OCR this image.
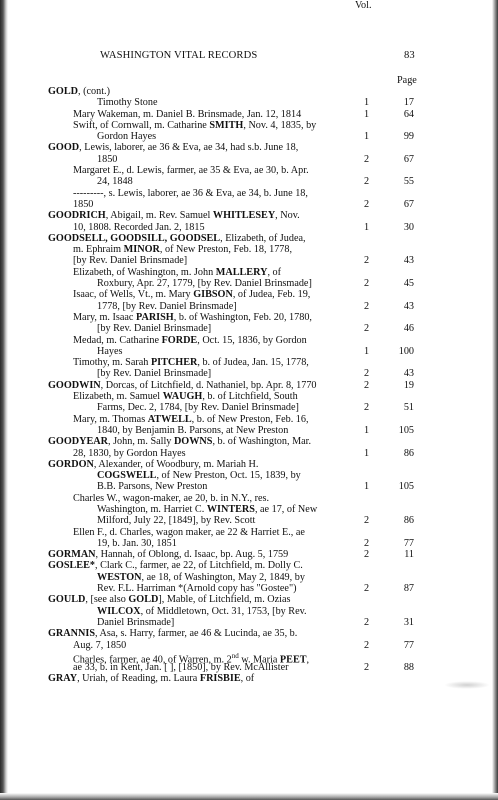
WASHINGTON VITAL RECORDS	83
Vol.
Page
GOLD, (cont.)
Timothy Stone	1	17
Mary Wakeman, m. Daniel B. Brinsmade, Jan. 12, 1814	1	64
Swift, of Cornwall, m. Catharine SMITH, Nov. 4, 1835, by
Gordon Hayes	1	99
GOOD, Lewis, laborer, ae 36 & Eva, ae 34, had s.b. June 18,
1850	2	67
Margaret E., d. Lewis, farmer, ae 35 & Eva, ae 30, b. Apr.
24, 1848	2	55
---------, s. Lewis, laborer, ae 36 & Eva, ae 34, b. June 18,
1850	2	67
GOODRICH, Abigail, m. Rev. Samuel WHITLESEY, Nov.
10, 1808. Recorded Jan. 2, 1815	1	30
GOODSELL, GOODSILL, GOODSEL, Elizabeth, of Judea,
m. Ephraim MINOR, of New Preston, Feb. 18, 1778,
[by Rev. Daniel Brinsmade]	2	43
Elizabeth, of Washington, m. John MALLERY, of
Roxbury, Apr. 27, 1779, [by Rev. Daniel Brinsmade]	2	45
Isaac, of Wells, Vt., m. Mary GIBSON, of Judea, Feb. 19,
1778, [by Rev. Daniel Brinsmade]	2	43
Mary, m. Isaac PARISH, b. of Washington, Feb. 20, 1780,
[by Rev. Daniel Brinsmade]	2	46
Medad, m. Catharine FORDE, Oct. 15, 1836, by Gordon
Hayes	1	100
Timothy, m. Sarah PITCHER, b. of Judea, Jan. 15, 1778,
[by Rev. Daniel Brinsmade]	2	43
GOODWIN, Dorcas, of Litchfield, d. Nathaniel, bp. Apr. 8, 1770	2	19
Elizabeth, m. Samuel WAUGH, b. of Litchfield, South
Farms, Dec. 2, 1784, [by Rev. Daniel Brinsmade]	2	51
Mary, m. Thomas ATWELL, b. of New Preston, Feb. 16,
1840, by Benjamin B. Parsons, at New Preston	1	105
GOODYEAR, John, m. Sally DOWNS, b. of Washington, Mar.
28, 1830, by Gordon Hayes	1	86
GORDON, Alexander, of Woodbury, m. Mariah H.
COGSWELL, of New Preston, Oct. 15, 1839, by
B.B. Parsons, New Preston	1	105
Charles W., wagon-maker, ae 20, b. in N.Y., res.
Washington, m. Harriet C. WINTERS, ae 17, of New
Milford, July 22, [1849], by Rev. Scott	2	86
Ellen F., d. Charles, wagon maker, ae 22 & Harriet E., ae
19, b. Jan. 30, 1851	2	77
GORMAN, Hannah, of Oblong, d. Isaac, bp. Aug. 5, 1759	2	11
GOSLEE*, Clark C., farmer, ae 22, of Litchfield, m. Dolly C.
WESTON, ae 18, of Washington, May 2, 1849, by
Rev. F.L. Harriman *(Arnold copy has "Gostee")	2	87
GOULD, [see also GOLD], Mable, of Litchfield, m. Ozias
WILCOX, of Middletown, Oct. 31, 1753, [by Rev.
Daniel Brinsmade]	2	31
GRANNIS, Asa, s. Harry, farmer, ae 46 & Lucinda, ae 35, b.
Aug. 7, 1850	2	77
Charles, farmer, ae 40, of Warren, m. 2nd w. Maria PEET,
ae 33, b. in Kent, Jan. [ ], [1850], by Rev. McAllister	2	88
GRAY, Uriah, of Reading, m. Laura FRISBIE, of
